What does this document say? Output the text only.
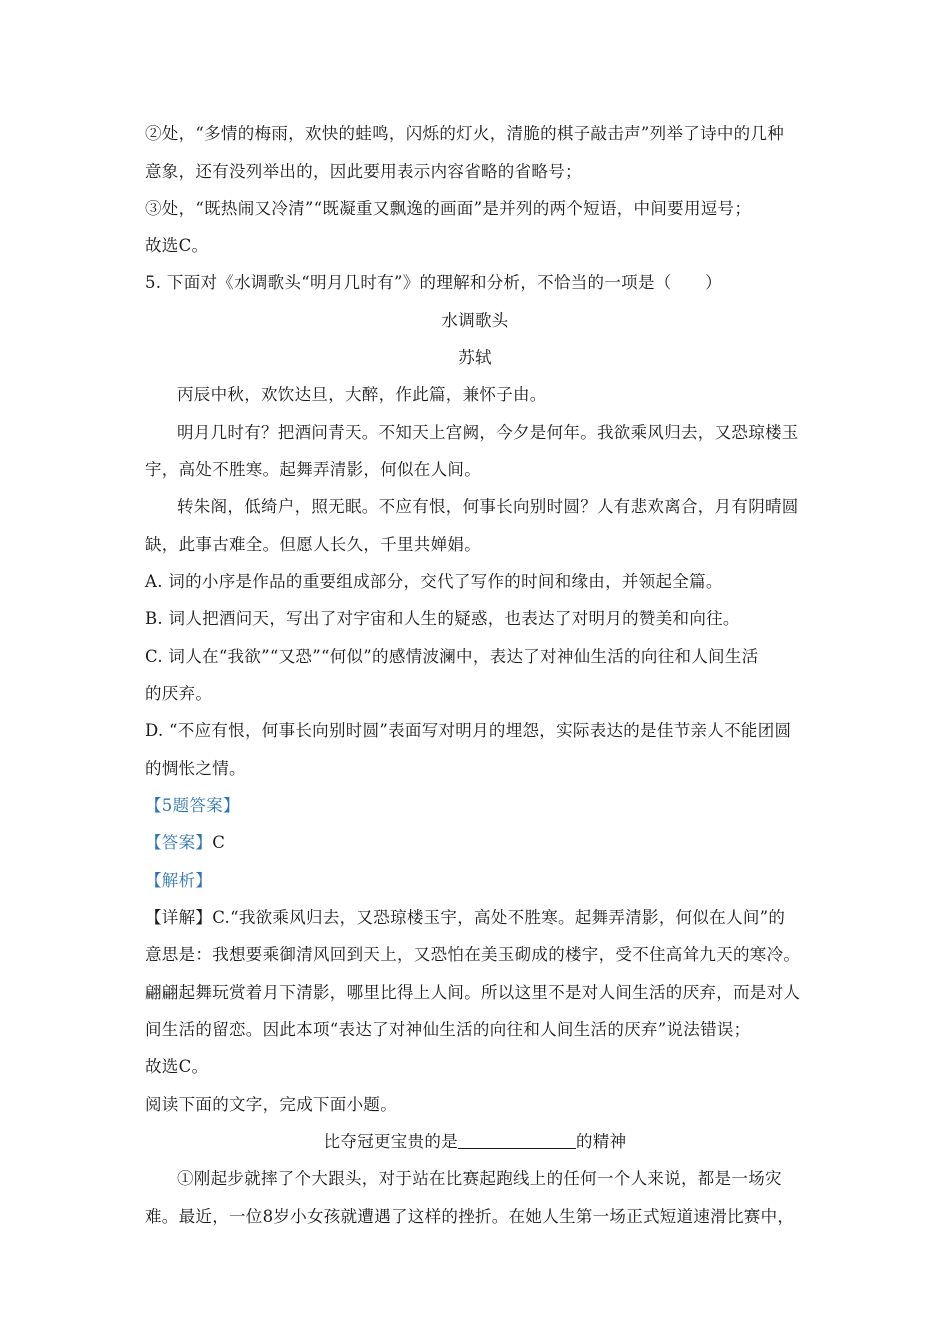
②处，“多情的梅雨，欢快的蛙鸣，闪烁的灯火，清脆的棋子敲击声”列举了诗中的几种
意象，还有没列举出的，因此要用表示内容省略的省略号；
③处，“既热闹又冷清”“既凝重又飘逸的画面”是并列的两个短语，中间要用逗号；
故选C。
5. 下面对《水调歌头“明月几时有”》的理解和分析，不恰当的一项是（　　）
水调歌头
苏轼
丙辰中秋，欢饮达旦，大醉，作此篇，兼怀子由。
明月几时有？把酒问青天。不知天上宫阙，今夕是何年。我欲乘风归去，又恐琼楼玉
宇，高处不胜寒。起舞弄清影，何似在人间。
转朱阁，低绮户，照无眠。不应有恨，何事长向别时圆？人有悲欢离合，月有阴晴圆
缺，此事古难全。但愿人长久，千里共婵娟。
A. 词的小序是作品的重要组成部分，交代了写作的时间和缘由，并领起全篇。
B. 词人把酒问天，写出了对宇宙和人生的疑惑，也表达了对明月的赞美和向往。
C. 词人在“我欲”“又恐”“何似”的感情波澜中，表达了对神仙生活的向往和人间生活
的厌弃。
D. “不应有恨，何事长向别时圆”表面写对明月的埋怨，实际表达的是佳节亲人不能团圆
的惆怅之情。
【5题答案】
【答案】C
【解析】
【详解】C.“我欲乘风归去，又恐琼楼玉宇，高处不胜寒。起舞弄清影，何似在人间”的
意思是：我想要乘御清风回到天上，又恐怕在美玉砌成的楼宇，受不住高耸九天的寒冷。
翩翩起舞玩赏着月下清影，哪里比得上人间。所以这里不是对人间生活的厌弃，而是对人
间生活的留恋。因此本项“表达了对神仙生活的向往和人间生活的厌弃”说法错误；
故选C。
阅读下面的文字，完成下面小题。
比夺冠更宝贵的是	的精神
①刚起步就摔了个大跟头，对于站在比赛起跑线上的任何一个人来说，都是一场灾
难。最近，一位8岁小女孩就遭遇了这样的挫折。在她人生第一场正式短道速滑比赛中，
